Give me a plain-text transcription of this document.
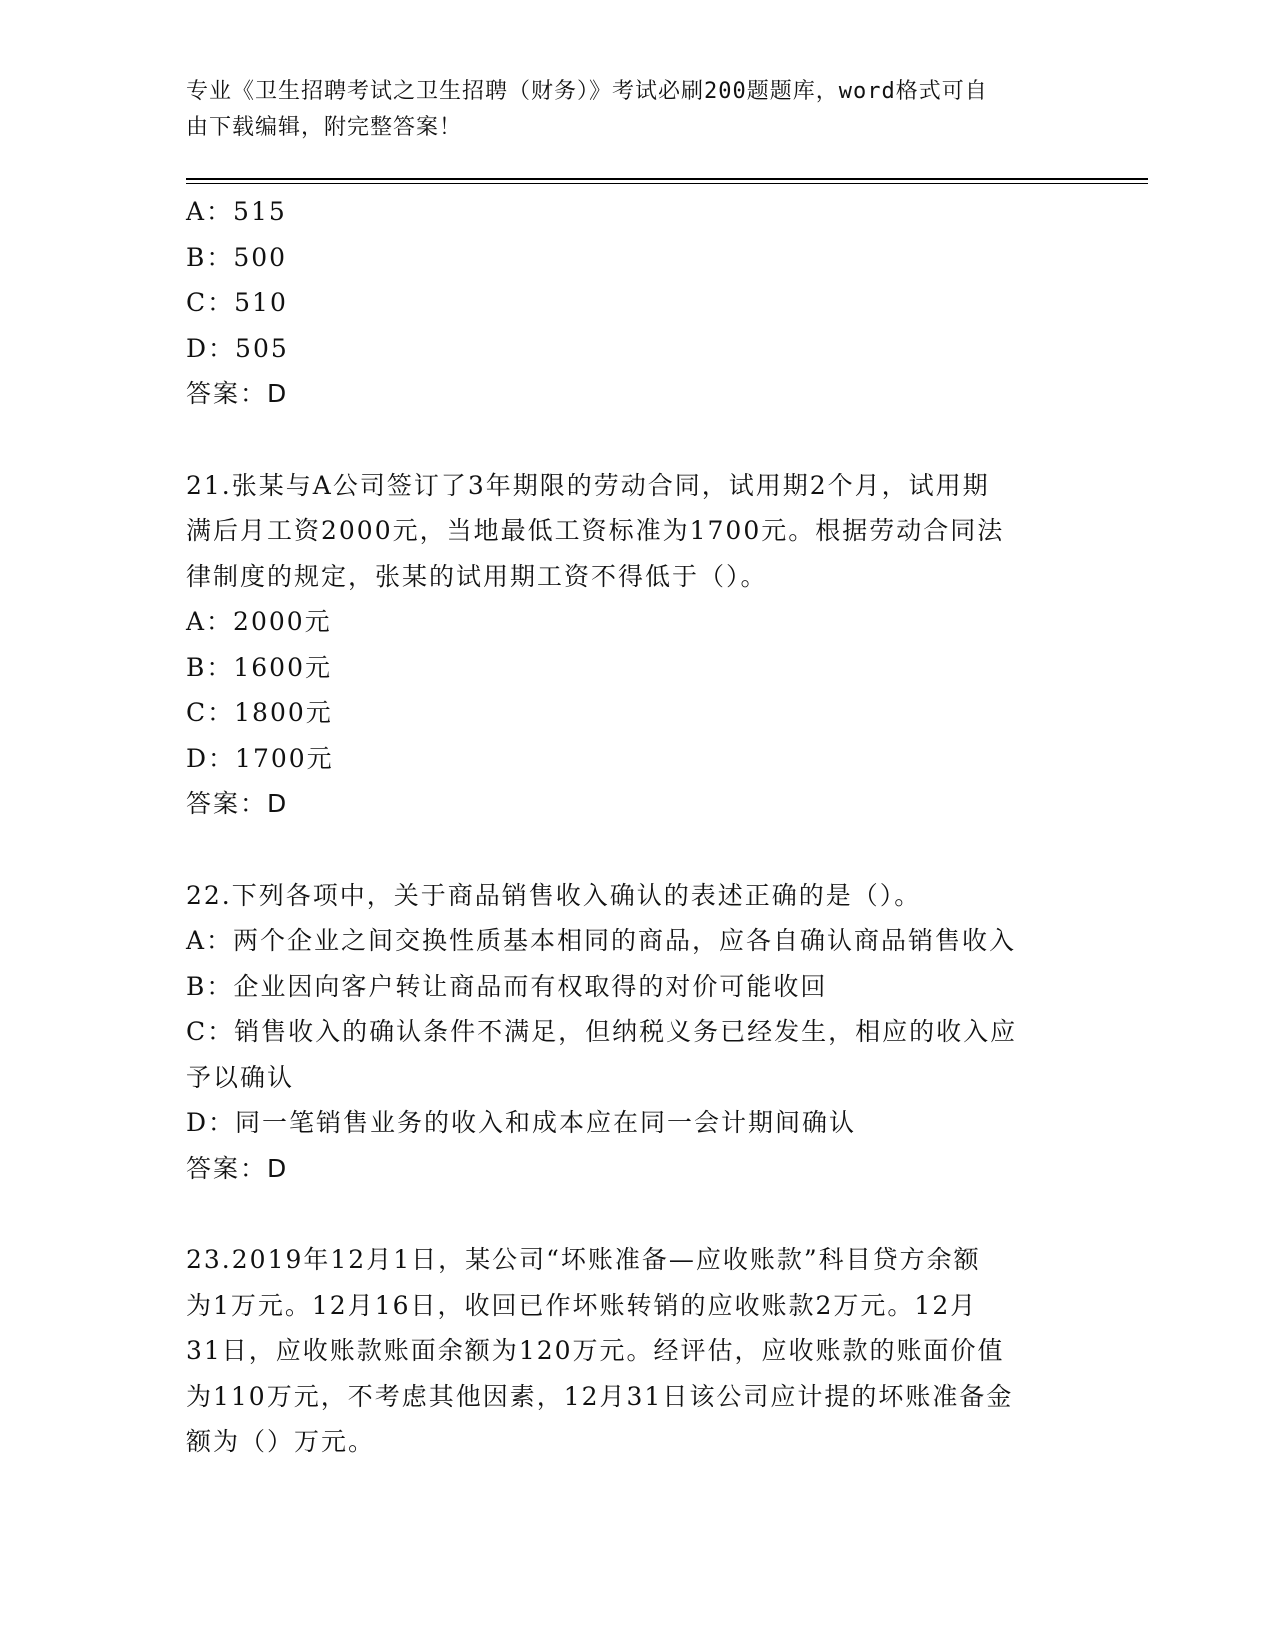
专业《卫生招聘考试之卫生招聘（财务）》考试必刷200题题库，word格式可自
由下载编辑，附完整答案！

A：515

B：500

C：510

D：505

答案：D

21.张某与A公司签订了3年期限的劳动合同，试用期2个月，试用期

满后月工资2000元，当地最低工资标准为1700元。根据劳动合同法

律制度的规定，张某的试用期工资不得低于（）。

A：2000元

B：1600元

C：1800元

D：1700元

答案：D

22.下列各项中，关于商品销售收入确认的表述正确的是（）。

A：两个企业之间交换性质基本相同的商品，应各自确认商品销售收入

B：企业因向客户转让商品而有权取得的对价可能收回

C：销售收入的确认条件不满足，但纳税义务已经发生，相应的收入应

予以确认

D：同一笔销售业务的收入和成本应在同一会计期间确认

答案：D

23.2019年12月1日，某公司“坏账准备—应收账款”科目贷方余额

为1万元。12月16日，收回已作坏账转销的应收账款2万元。12月

31日，应收账款账面余额为120万元。经评估，应收账款的账面价值

为110万元，不考虑其他因素，12月31日该公司应计提的坏账准备金

额为（）万元。
